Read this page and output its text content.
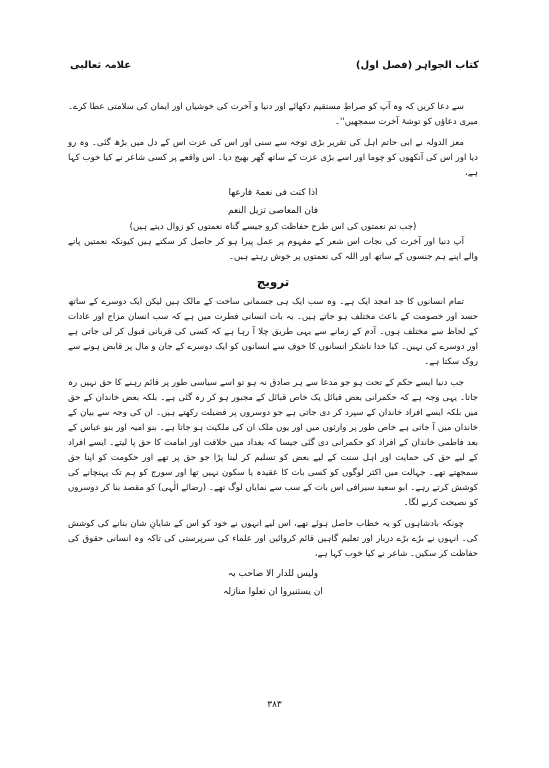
کتاب الجواہر (فصل اول)
علامہ ثعالبی

سے دعا کریں کہ وہ آپ کو صراطِ مستقیم دکھائے اور دنیا و آخرت کی خوشیاں اور ایمان کی سلامتی عطا کرے۔ میری دعاؤں کو توشۂ آخرت سمجھیں''۔

معز الدولہ نے ابی حاتم اہل کی تقریر بڑی توجہ سے سنی اور اس کی عزت اس کے دل میں بڑھ گئی۔ وہ رو دیا اور اس کی آنکھوں کو چوما اور اسے بڑی عزت کے ساتھ گھر بھیج دیا۔ اس واقعے پر کسی شاعر نے کیا خوب کہا ہے،

اذا کنت فی نعمۃ فارعھا

فان المعاصی تزیل النعم

(جب تم نعمتوں کی اس طرح حفاظت کرو جیسے گناہ نعمتوں کو زوال دیتے ہیں)

آپ دنیا اور آخرت کی نجات اس شعر کے مفہوم پر عمل پیرا ہو کر حاصل کر سکتے ہیں کیونکہ نعمتیں پانے والے اپنے ہم جنسوں کے ساتھ اور اللہ کی نعمتوں پر خوش رہتے ہیں۔

ترویج

تمام انسانوں کا جد امجد ایک ہے۔ وہ سب ایک ہی جسمانی ساخت کے مالک ہیں لیکن ایک دوسرے کے ساتھ حسد اور خصومت کے باعث مختلف ہو جاتے ہیں۔ یہ بات انسانی فطرت میں ہے کہ سب انسان مزاج اور عادات کے لحاظ سے مختلف ہوں۔ آدم کے زمانے سے یہی طریق چلا آ رہا ہے کہ کسی کی قربانی قبول کر لی جاتی ہے اور دوسرے کی نہیں۔ کیا خدا ناشکر انسانوں کا خوف سے انسانوں کو ایک دوسرے کے جان و مال پر قابض ہونے سے روک سکتا ہے۔

جب دنیا ایسے حکم کے تحت ہو جو مدعا سے ہر صادق نہ ہو تو اسے سیاسی طور پر قائم رہنے کا حق نہیں رہ جاتا۔ یہی وجہ ہے کہ حکمرانی بعض قبائل یک خاص قبائل کے مجبور ہو کر رہ گئی ہے۔ بلکہ بعض خاندان کے حق میں بلکہ ایسے افراد خاندان کے سپرد کر دی جاتی ہے جو دوسروں پر فضیلت رکھتے ہیں۔ ان کی وجہ سے بیان کے خاندان میں آ جاتی ہے خاص طور پر وارثوں میں اور یوں ملک ان کی ملکیت ہو جاتا ہے۔ بنو امیہ اور بنو عباس کے بعد فاطمی خاندان کے افراد کو حکمرانی دی گئی جیسا کہ بغداد میں خلافت اور امامت کا حق پا لیتے۔ ایسے افراد کے لیے حق کی حمایت اور اہل سنت کے لیے بعض کو تسلیم کر لینا پڑا جو حق پر تھے اور حکومت کو اپنا حق سمجھتے تھے۔ جہالت میں اکثر لوگوں کو کسی بات کا عقیدہ یا سکون نہیں تھا اور سورج کو ہم تک پہنچانے کی کوشش کرتے رہے۔ ابو سعید سیرافی اس بات کے سب سے نمایاں لوگ تھے۔ (رضائے الٰہی) کو مقصد بنا کر دوسروں کو نصیحت کرنے لگا۔

چونکہ بادشاہوں کو یہ خطاب حاصل ہوئے تھے، اس لیے انہوں نے خود کو اس کے شایانِ شان بنانے کی کوشش کی۔ انہوں نے بڑے بڑے دربار اور تعلیم گاہیں قائم کروائیں اور علماء کی سرپرستی کی تاکہ وہ انسانی حقوق کی حفاظت کر سکیں۔ شاعر نے کیا خوب کہا ہے،

ولیس للدار الا صاحب بہ

ان یستنیروا ان تعلوا منازلہ

۳۸۳
